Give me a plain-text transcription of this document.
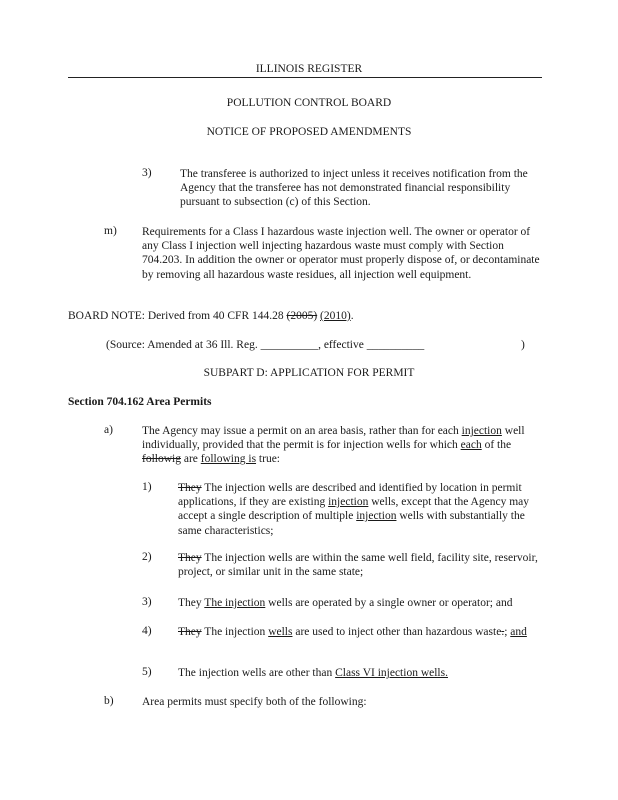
ILLINOIS REGISTER
POLLUTION CONTROL BOARD
NOTICE OF PROPOSED AMENDMENTS
3) The transferee is authorized to inject unless it receives notification from the Agency that the transferee has not demonstrated financial responsibility pursuant to subsection (c) of this Section.

m) Requirements for a Class I hazardous waste injection well. The owner or operator of any Class I injection well injecting hazardous waste must comply with Section 704.203. In addition the owner or operator must properly dispose of, or decontaminate by removing all hazardous waste residues, all injection well equipment.

BOARD NOTE: Derived from 40 CFR 144.28 (2005) (2010).

(Source: Amended at 36 Ill. Reg. __________, effective __________	)
SUBPART D: APPLICATION FOR PERMIT
Section 704.162 Area Permits
a)	The Agency may issue a permit on an area basis, rather than for each injection well individually, provided that the permit is for injection wells for which each of the followig are following is true:

1) They The injection wells are described and identified by location in permit applications, if they are existing injection wells, except that the Agency may accept a single description of multiple injection wells with substantially the same characteristics;

2) They The injection wells are within the same well field, facility site, reservoir, project, or similar unit in the same state;

3) They The injection wells are operated by a single owner or operator; and

4) They The injection wells are used to inject other than hazardous waste.; and

5) The injection wells are other than Class VI injection wells.

b) Area permits must specify both of the following:
